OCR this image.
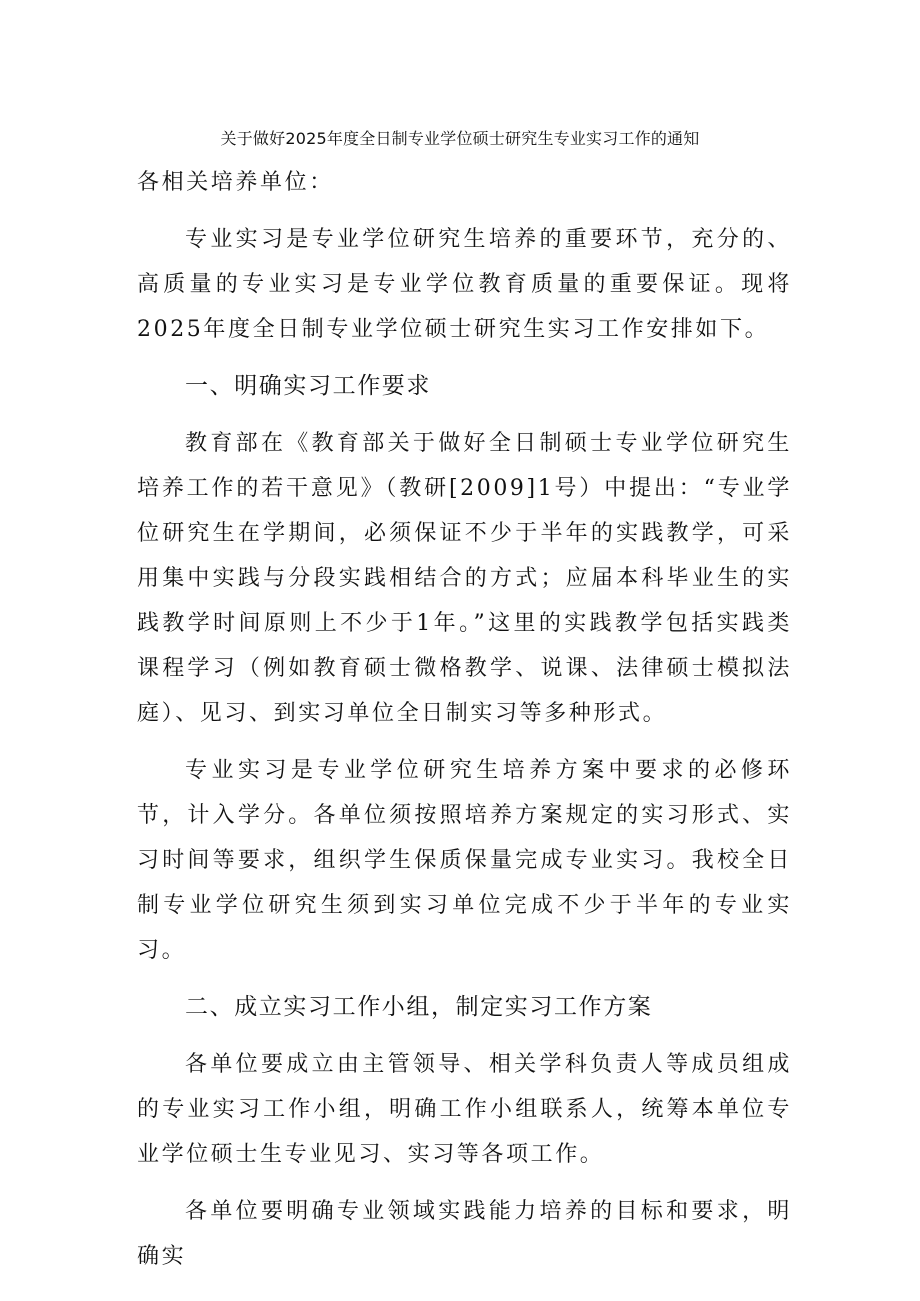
关于做好2025年度全日制专业学位硕士研究生专业实习工作的通知

各相关培养单位：

专业实习是专业学位研究生培养的重要环节，充分的、高质量的专业实习是专业学位教育质量的重要保证。现将2025年度全日制专业学位硕士研究生实习工作安排如下。

一、明确实习工作要求

教育部在《教育部关于做好全日制硕士专业学位研究生培养工作的若干意见》（教研[2009]1号）中提出：“专业学位研究生在学期间，必须保证不少于半年的实践教学，可采用集中实践与分段实践相结合的方式；应届本科毕业生的实践教学时间原则上不少于1年。”这里的实践教学包括实践类课程学习（例如教育硕士微格教学、说课、法律硕士模拟法庭）、见习、到实习单位全日制实习等多种形式。

专业实习是专业学位研究生培养方案中要求的必修环节，计入学分。各单位须按照培养方案规定的实习形式、实习时间等要求，组织学生保质保量完成专业实习。我校全日制专业学位研究生须到实习单位完成不少于半年的专业实习。

二、成立实习工作小组，制定实习工作方案

各单位要成立由主管领导、相关学科负责人等成员组成的专业实习工作小组，明确工作小组联系人，统筹本单位专业学位硕士生专业见习、实习等各项工作。

各单位要明确专业领域实践能力培养的目标和要求，明确实
